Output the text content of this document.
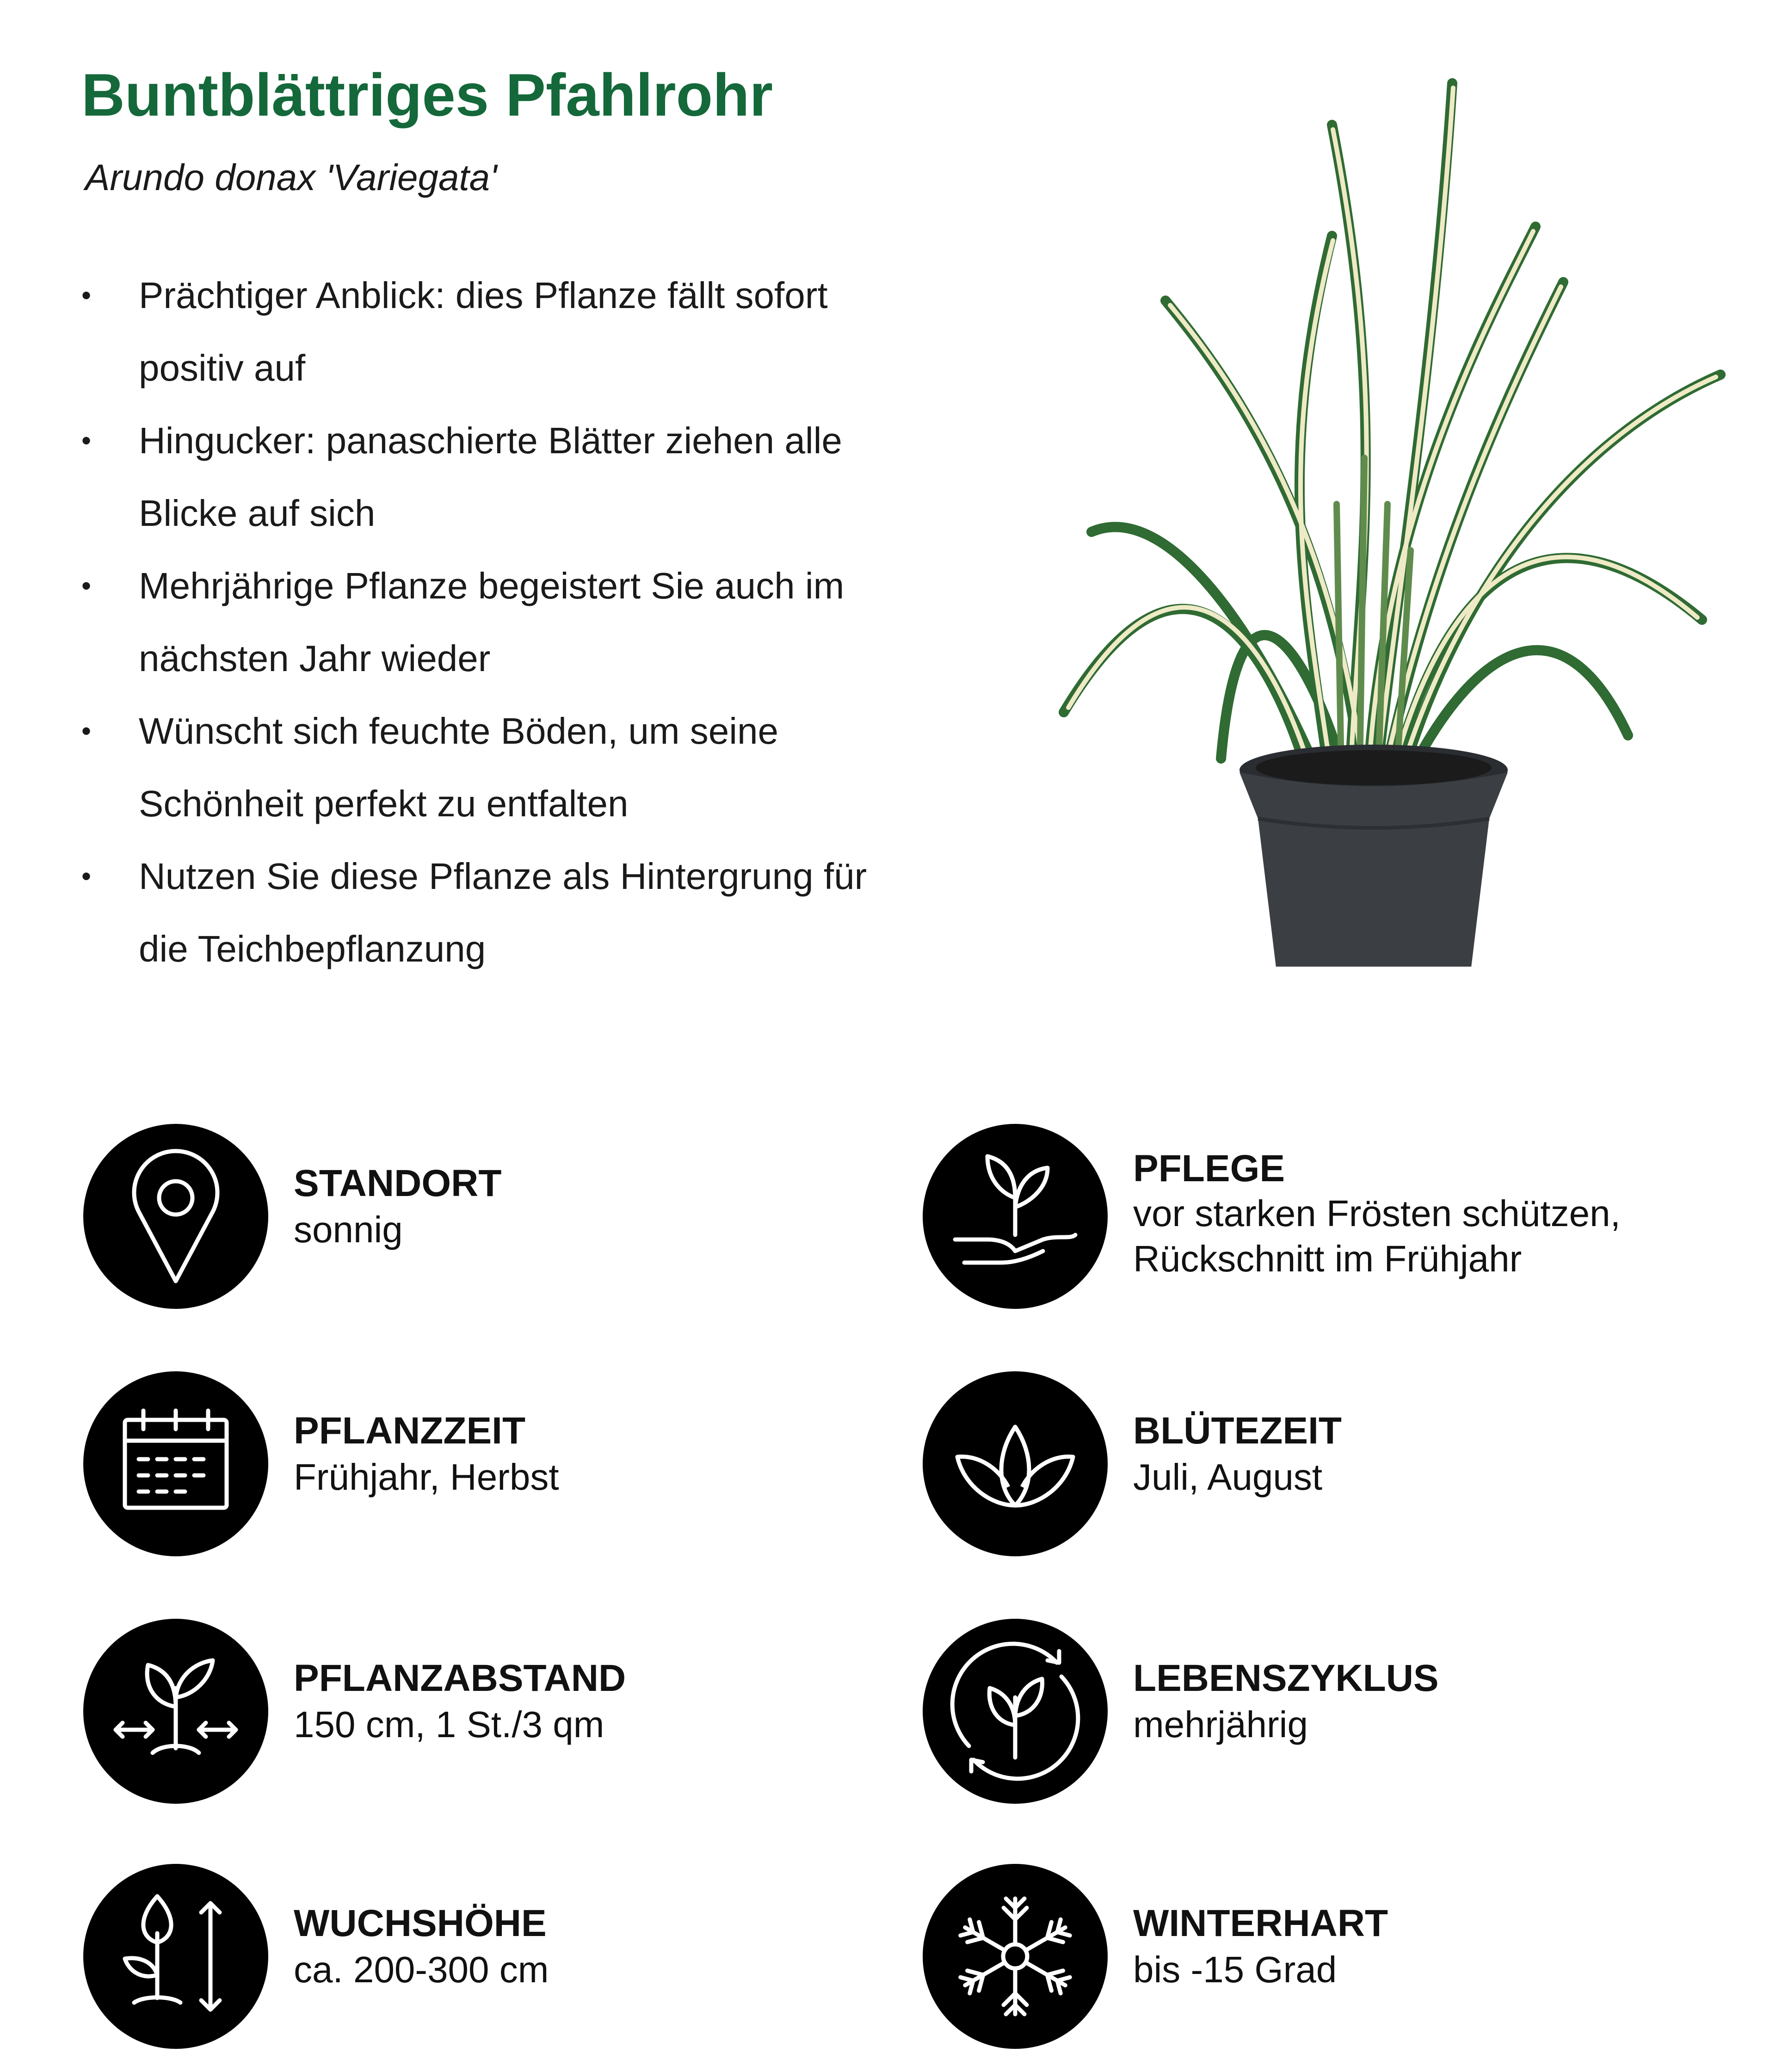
Buntblättriges Pfahlrohr

Arundo donax 'Variegata'

• Prächtiger Anblick: dies Pflanze fällt sofort positiv auf
• Hingucker: panaschierte Blätter ziehen alle Blicke auf sich
• Mehrjährige Pflanze begeistert Sie auch im nächsten Jahr wieder
• Wünscht sich feuchte Böden, um seine Schönheit perfekt zu entfalten
• Nutzen Sie diese Pflanze als Hintergrung für die Teichbepflanzung
STANDORT
sonnig
PFLEGE
vor starken Frösten schützen,
Rückschnitt im Frühjahr
PFLANZZEIT
Frühjahr, Herbst
BLÜTEZEIT
Juli, August
PFLANZABSTAND
150 cm, 1 St./3 qm
LEBENSZYKLUS
mehrjährig
WUCHSHÖHE
ca. 200-300 cm
WINTERHART
bis -15 Grad
